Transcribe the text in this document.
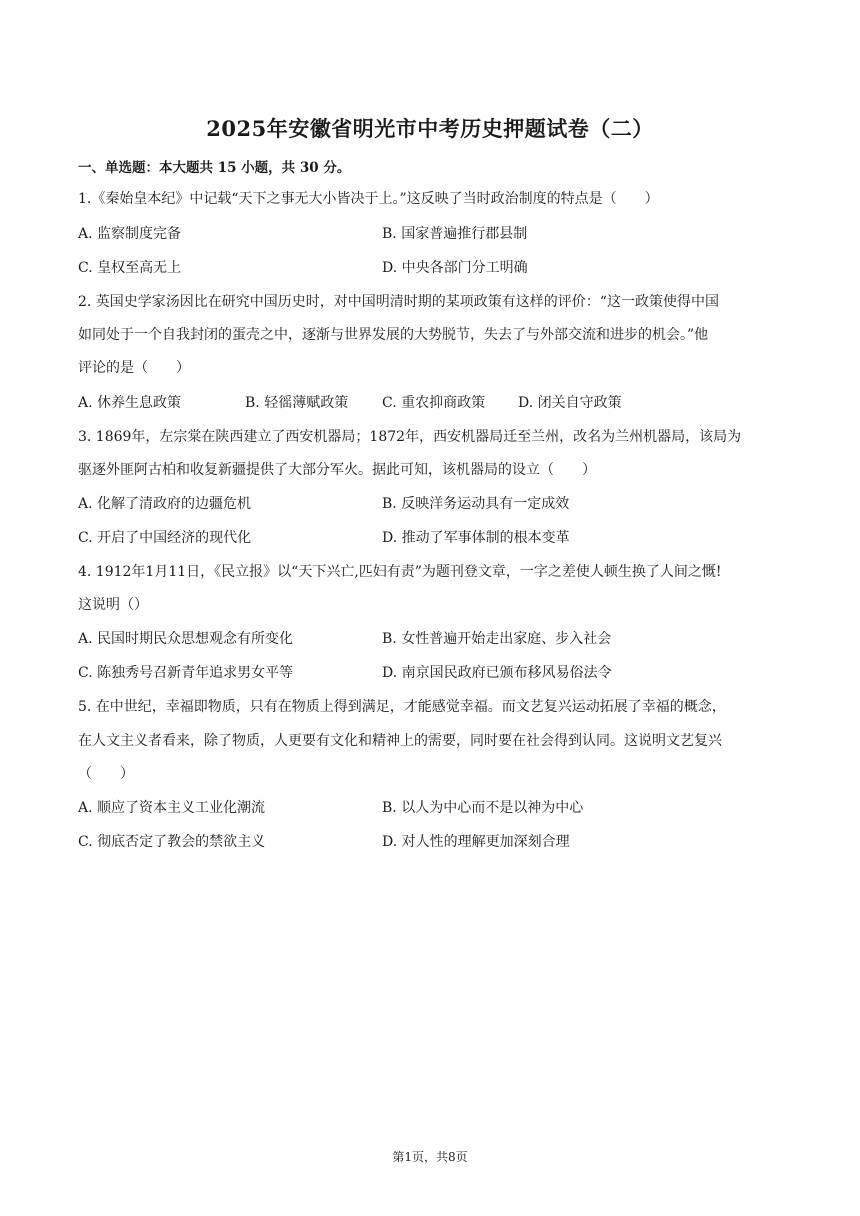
2025年安徽省明光市中考历史押题试卷（二）
一、单选题：本大题共 15 小题，共 30 分。
1.《秦始皇本纪》中记载“天下之事无大小皆决于上。”这反映了当时政治制度的特点是（　　）
A. 监察制度完备	B. 国家普遍推行郡县制
C. 皇权至高无上	D. 中央各部门分工明确
2. 英国史学家汤因比在研究中国历史时，对中国明清时期的某项政策有这样的评价：“这一政策使得中国
如同处于一个自我封闭的蛋壳之中，逐渐与世界发展的大势脱节，失去了与外部交流和进步的机会。”他
评论的是（　　）
A. 休养生息政策	B. 轻徭薄赋政策 C. 重农抑商政策 D. 闭关自守政策
3. 1869年，左宗棠在陕西建立了西安机器局；1872年，西安机器局迁至兰州，改名为兰州机器局，该局为
驱逐外匪阿古柏和收复新疆提供了大部分军火。据此可知，该机器局的设立（　　）
A. 化解了清政府的边疆危机	B. 反映洋务运动具有一定成效
C. 开启了中国经济的现代化	D. 推动了军事体制的根本变革
4. 1912年1月11日，《民立报》以“天下兴亡,匹妇有责”为题刊登文章，一字之差使人顿生换了人间之慨!
这说明（）
A. 民国时期民众思想观念有所变化	B. 女性普遍开始走出家庭、步入社会
C. 陈独秀号召新青年追求男女平等	D. 南京国民政府已颁布移风易俗法令
5. 在中世纪，幸福即物质，只有在物质上得到满足，才能感觉幸福。而文艺复兴运动拓展了幸福的概念，
在人文主义者看来，除了物质，人更要有文化和精神上的需要，同时要在社会得到认同。这说明文艺复兴
（　　）
A. 顺应了资本主义工业化潮流	B. 以人为中心而不是以神为中心
C. 彻底否定了教会的禁欲主义	D. 对人性的理解更加深刻合理
第1页，共8页
